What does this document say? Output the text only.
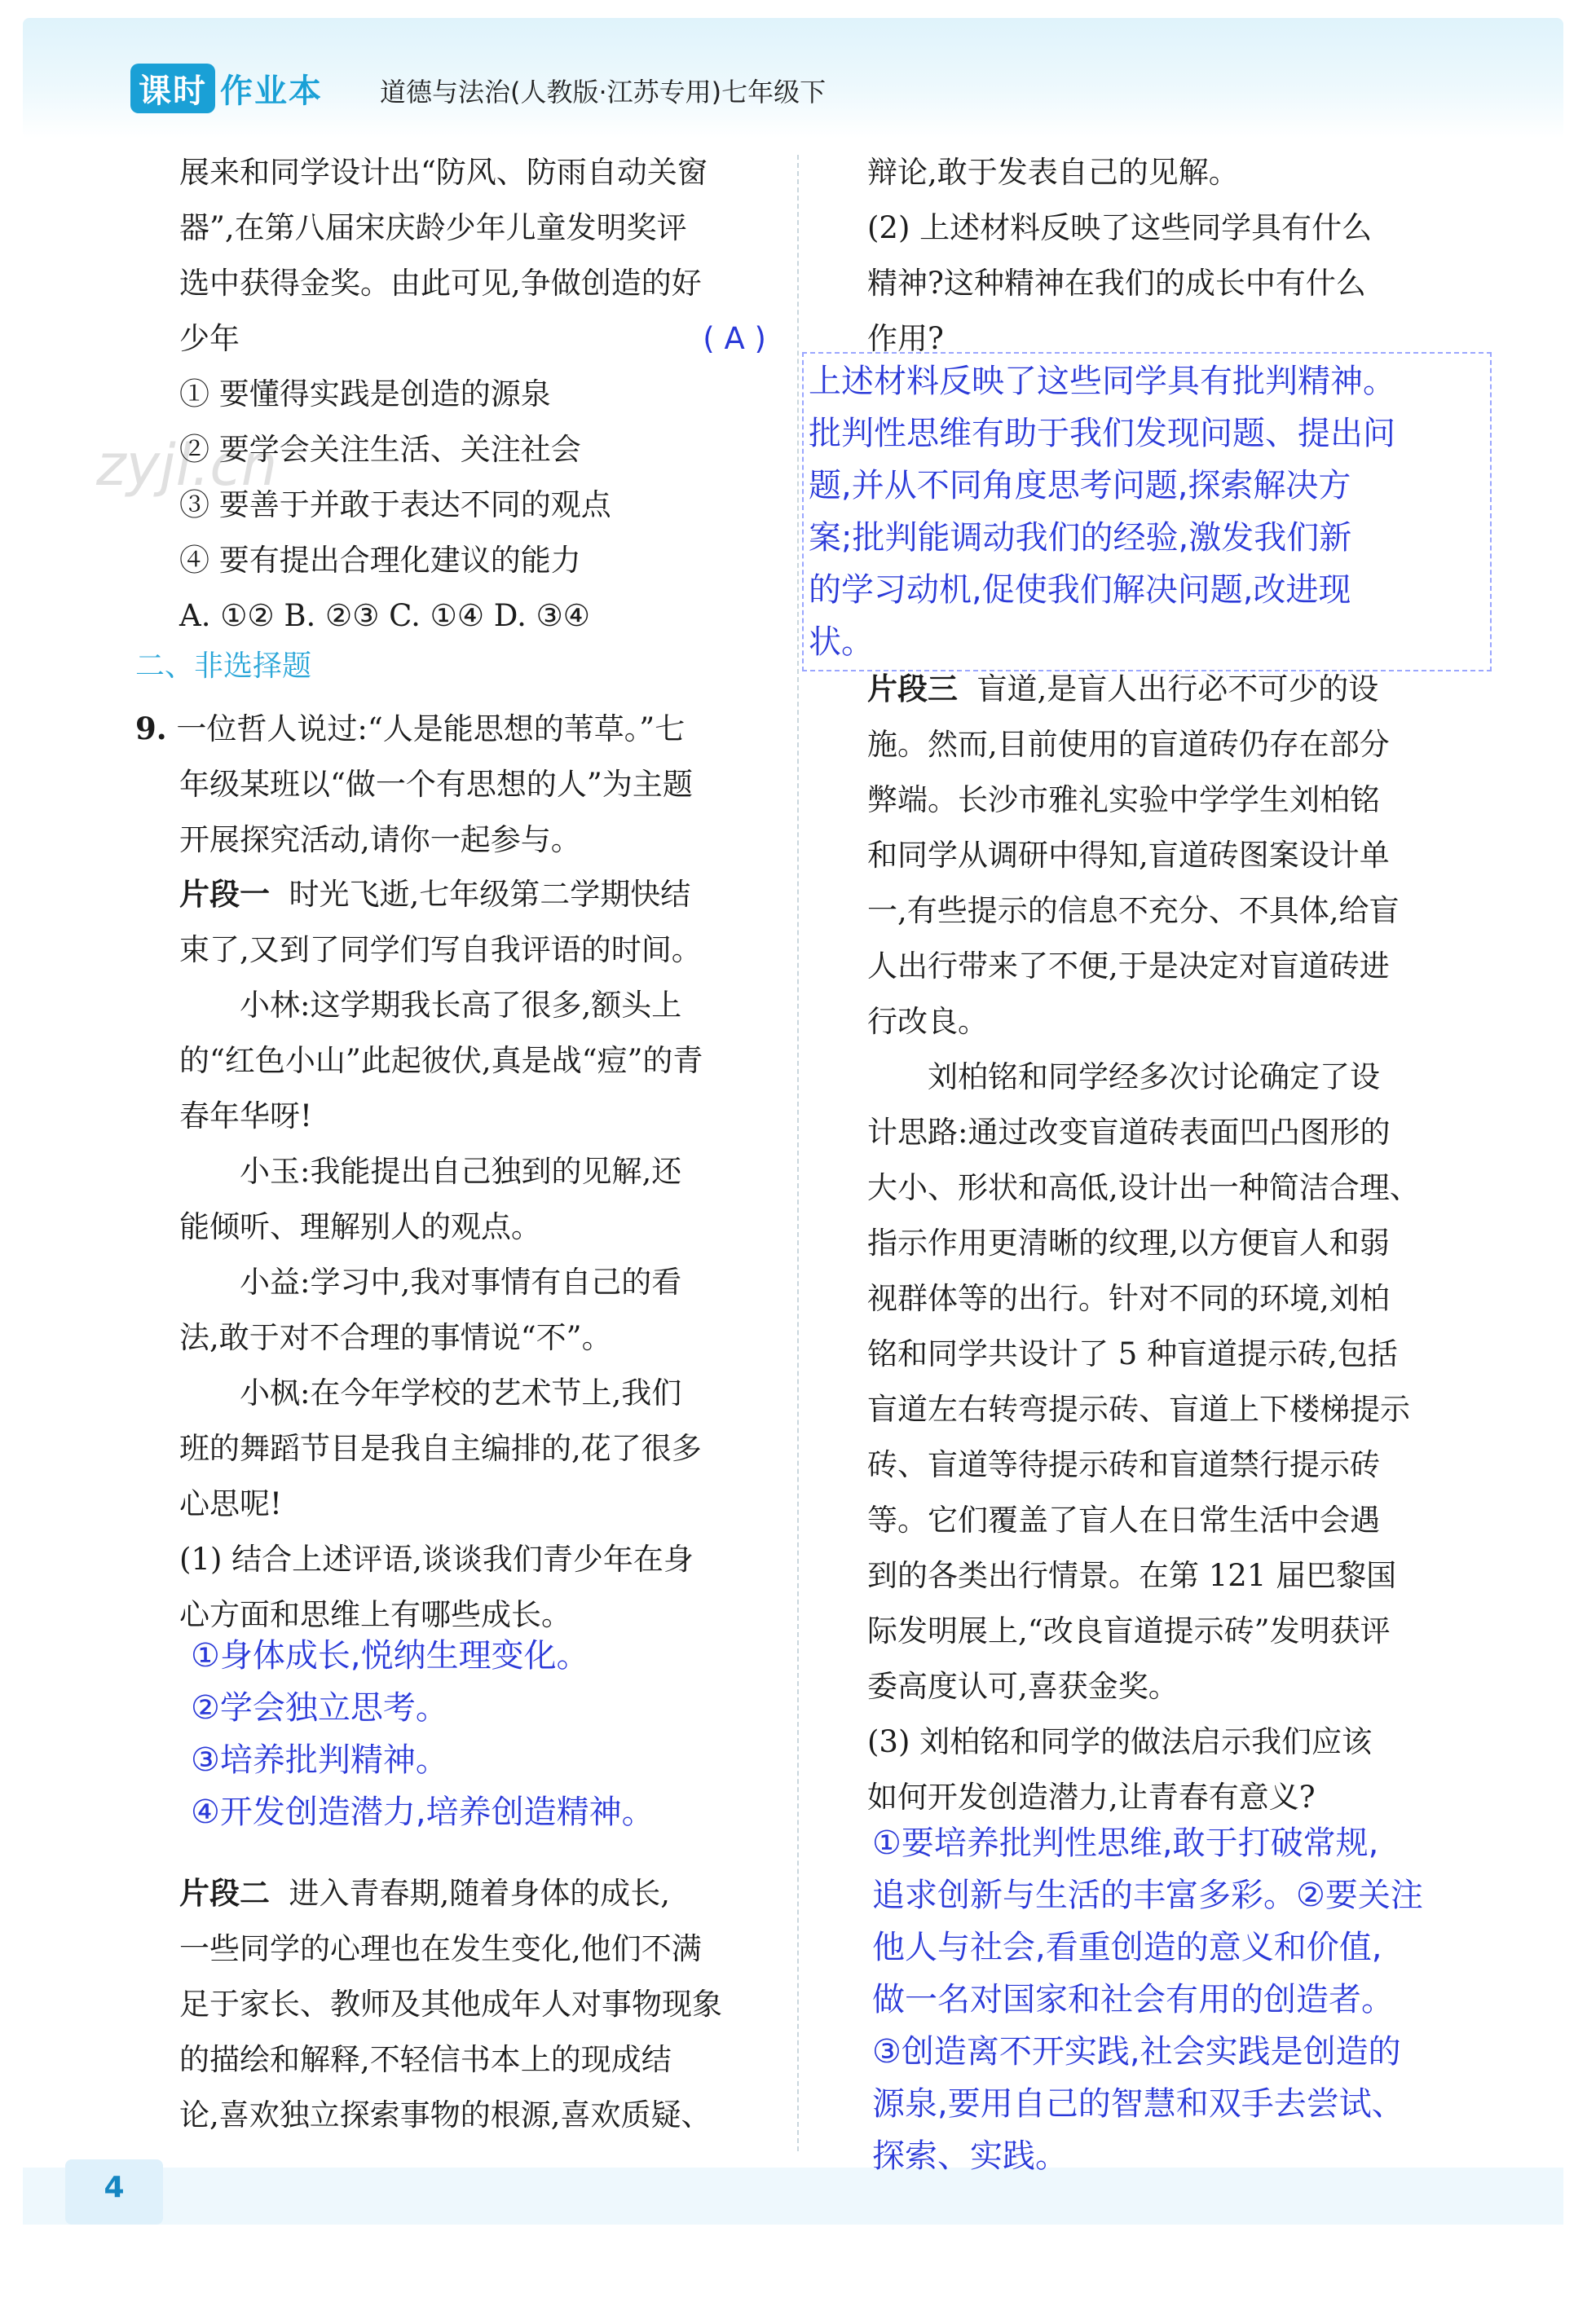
课时 作业本 道德与法治(人教版·江苏专用)七年级下
zyjl.cn

展来和同学设计出“防风、防雨自动关窗

器”,在第八届宋庆龄少年儿童发明奖评

选中获得金奖。由此可见,争做创造的好

少年	( A )

① 要懂得实践是创造的源泉

② 要学会关注生活、关注社会

③ 要善于并敢于表达不同的观点

④ 要有提出合理化建议的能力

A. ①② B. ②③ C. ①④ D. ③④

二、非选择题

9. 一位哲人说过:“人是能思想的苇草。”七

年级某班以“做一个有思想的人”为主题

开展探究活动,请你一起参与。

片段一 时光飞逝,七年级第二学期快结

束了,又到了同学们写自我评语的时间。

小林:这学期我长高了很多,额头上

的“红色小山”此起彼伏,真是战“痘”的青

春年华呀!

小玉:我能提出自己独到的见解,还

能倾听、理解别人的观点。

小益:学习中,我对事情有自己的看

法,敢于对不合理的事情说“不”。

小枫:在今年学校的艺术节上,我们

班的舞蹈节目是我自主编排的,花了很多

心思呢!

(1) 结合上述评语,谈谈我们青少年在身

心方面和思维上有哪些成长。

①身体成长,悦纳生理变化。

②学会独立思考。

③培养批判精神。

④开发创造潜力,培养创造精神。

片段二 进入青春期,随着身体的成长,

一些同学的心理也在发生变化,他们不满

足于家长、教师及其他成年人对事物现象

的描绘和解释,不轻信书本上的现成结

论,喜欢独立探索事物的根源,喜欢质疑、

辩论,敢于发表自己的见解。

(2) 上述材料反映了这些同学具有什么

精神?这种精神在我们的成长中有什么

作用?

上述材料反映了这些同学具有批判精神。

批判性思维有助于我们发现问题、提出问

题,并从不同角度思考问题,探索解决方

案;批判能调动我们的经验,激发我们新

的学习动机,促使我们解决问题,改进现

状。

片段三 盲道,是盲人出行必不可少的设

施。然而,目前使用的盲道砖仍存在部分

弊端。长沙市雅礼实验中学学生刘柏铭

和同学从调研中得知,盲道砖图案设计单

一,有些提示的信息不充分、不具体,给盲

人出行带来了不便,于是决定对盲道砖进

行改良。

刘柏铭和同学经多次讨论确定了设

计思路:通过改变盲道砖表面凹凸图形的

大小、形状和高低,设计出一种简洁合理、

指示作用更清晰的纹理,以方便盲人和弱

视群体等的出行。针对不同的环境,刘柏

铭和同学共设计了 5 种盲道提示砖,包括

盲道左右转弯提示砖、盲道上下楼梯提示

砖、盲道等待提示砖和盲道禁行提示砖

等。它们覆盖了盲人在日常生活中会遇

到的各类出行情景。在第 121 届巴黎国

际发明展上,“改良盲道提示砖”发明获评

委高度认可,喜获金奖。

(3) 刘柏铭和同学的做法启示我们应该

如何开发创造潜力,让青春有意义?

①要培养批判性思维,敢于打破常规,

追求创新与生活的丰富多彩。②要关注

他人与社会,看重创造的意义和价值,

做一名对国家和社会有用的创造者。

③创造离不开实践,社会实践是创造的

源泉,要用自己的智慧和双手去尝试、

探索、实践。

4
